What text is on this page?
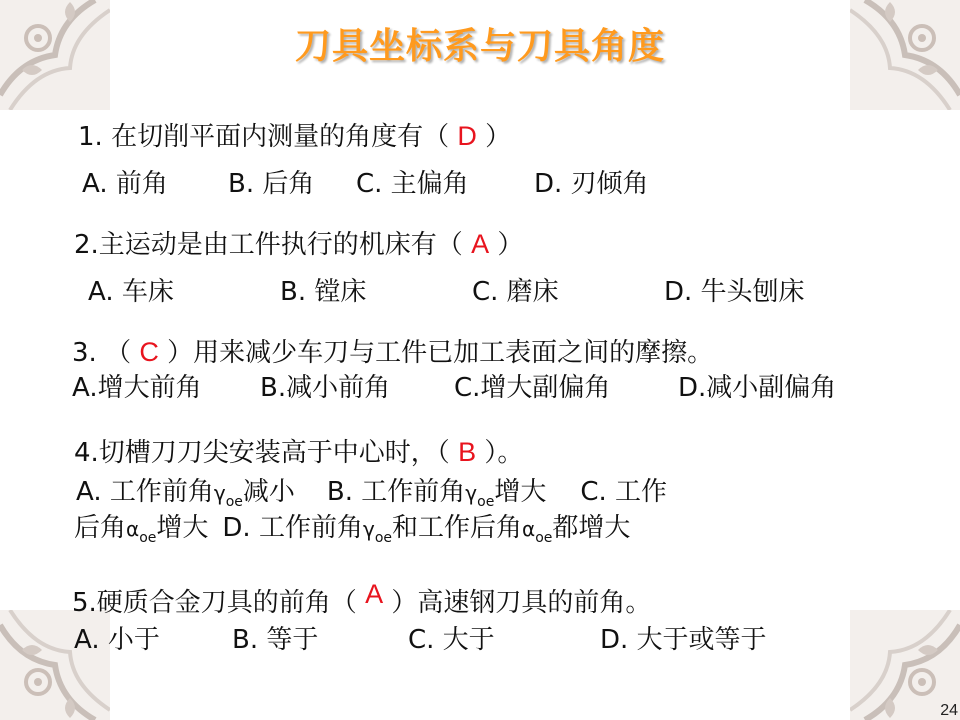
刀具坐标系与刀具角度
1. 在切削平面内测量的角度有（ D ）
A. 前角 B. 后角 C. 主偏角	D. 刃倾角
2.主运动是由工件执行的机床有（ A ）
A. 车床	B. 镗床	C. 磨床	D. 牛头刨床
3. （ C ）用来减少车刀与工件已加工表面之间的摩擦。
A.增大前角 B.减小前角 C.增大副偏角	D.减小副偏角
4.切槽刀刀尖安装高于中心时，（ B ）。
A. 工作前角$\gamma_{oe}$减小 B. 工作前角$\gamma_{oe}$增大 C. 工作
后角$\alpha_{oe}$增大 D. 工作前角$\gamma_{oe}$和工作后角$\alpha_{oe}$都增大
5.硬质合金刀具的前角（ A ）高速钢刀具的前角。
A. 小于	B. 等于	C. 大于	D. 大于或等于
24
